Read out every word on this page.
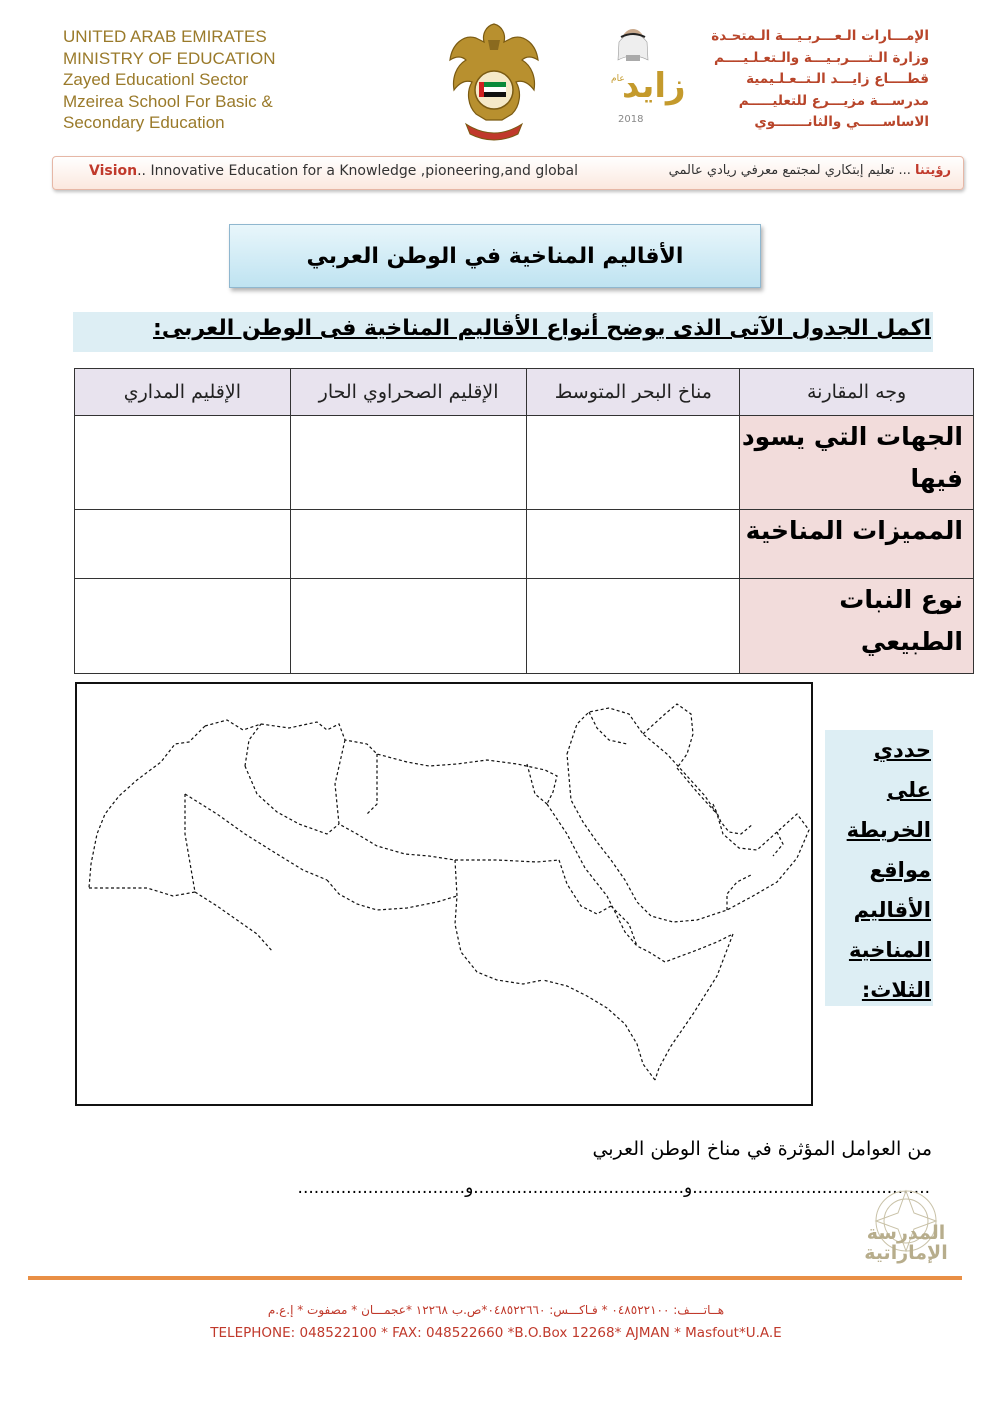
UNITED ARAB EMIRATES
MINISTRY OF EDUCATION
Zayed Educationl Sector
Mzeirea School For Basic &
Secondary Education
عام
زايد
2018
الإمـــارات الـعـــربـيـــة الـمتحـدة
وزارة الـتــــربـيـــة والـتعـلـيــــم
قطــــاع زايـــد الـتــعـلـيمية
مدرســـة مزيـــرع للتعليـــــم
الاساســـــي والثانـــــــوي
Vision.. Innovative Education for a Knowledge ,pioneering,and global	رؤيتنا ... تعليم إبتكاري لمجتمع معرفي ريادي عالمي
الأقاليم المناخية في الوطن العربي
اكمل الجدول الآتى الذى يوضح أنواع الأقاليم المناخية فى الوطن العربى:
وجه المقارنة	مناخ البحر المتوسط	الإقليم الصحراوي الحار	الإقليم المداري
الجهات التي يسود فيها			
المميزات المناخية			
نوع النبات الطبيعي			
حددي على الخريطة مواقع الأقاليم المناخية الثلاث:
من العوامل المؤثرة في مناخ الوطن العربي
............................................و.......................................و...............................
المدرسة
الإماراتية
هــاتــــف: ٠٤٨٥٢٢١٠٠ * فـاكـــس: ٠٤٨٥٢٢٦٦٠*ص.ب ١٢٢٦٨ *عجمـــان * مصفوت * إ.ع.م
TELEPHONE: 048522100 * FAX: 048522660 *B.O.Box 12268* AJMAN * Masfout*U.A.E
